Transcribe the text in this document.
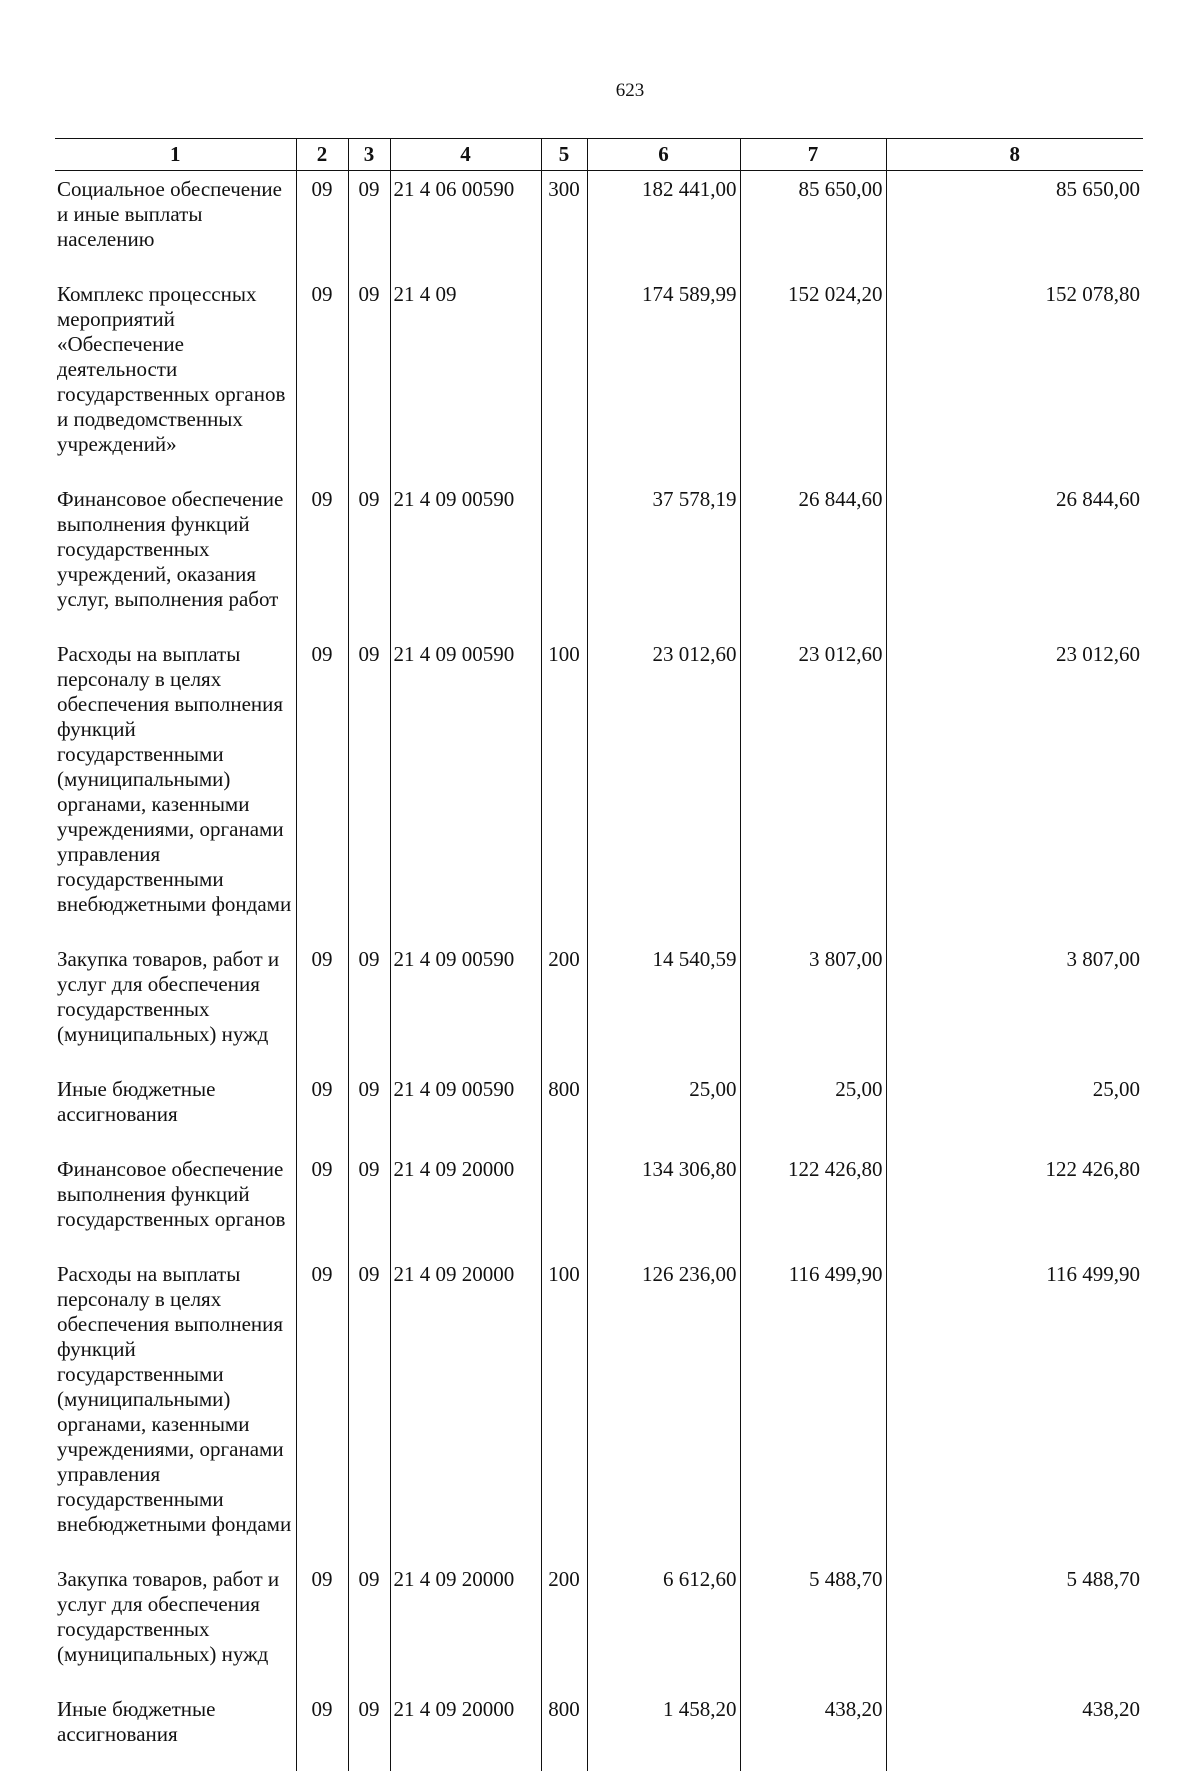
623
1	2	3	4	5	6	7	8
Социальное обеспечение и иные выплаты населению	09	09	21 4 06 00590	300	182 441,00	85 650,00	85 650,00
Комплекс процессных мероприятий «Обеспечение деятельности государственных органов и подведомственных учреждений»	09	09	21 4 09		174 589,99	152 024,20	152 078,80
Финансовое обеспечение выполнения функций государственных учреждений, оказания услуг, выполнения работ	09	09	21 4 09 00590		37 578,19	26 844,60	26 844,60
Расходы на выплаты персоналу в целях обеспечения выполнения функций государственными (муниципальными) органами, казенными учреждениями, органами управления государственными внебюджетными фондами	09	09	21 4 09 00590	100	23 012,60	23 012,60	23 012,60
Закупка товаров, работ и услуг для обеспечения государственных (муниципальных) нужд	09	09	21 4 09 00590	200	14 540,59	3 807,00	3 807,00
Иные бюджетные ассигнования	09	09	21 4 09 00590	800	25,00	25,00	25,00
Финансовое обеспечение выполнения функций государственных органов	09	09	21 4 09 20000		134 306,80	122 426,80	122 426,80
Расходы на выплаты персоналу в целях обеспечения выполнения функций государственными (муниципальными) органами, казенными учреждениями, органами управления государственными внебюджетными фондами	09	09	21 4 09 20000	100	126 236,00	116 499,90	116 499,90
Закупка товаров, работ и услуг для обеспечения государственных (муниципальных) нужд	09	09	21 4 09 20000	200	6 612,60	5 488,70	5 488,70
Иные бюджетные ассигнования	09	09	21 4 09 20000	800	1 458,20	438,20	438,20
